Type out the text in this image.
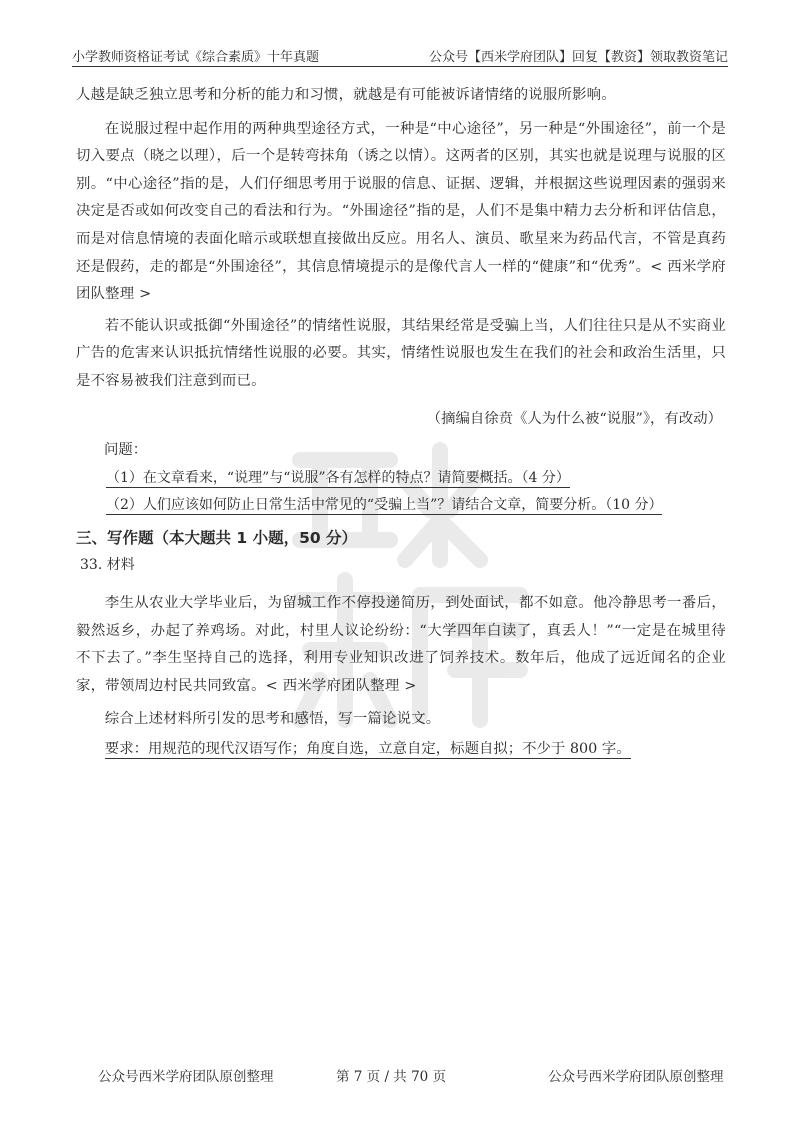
小学教师资格证考试《综合素质》十年真题	公众号【西米学府团队】回复【教资】领取教资笔记
西米学府

人越是缺乏独立思考和分析的能力和习惯，就越是有可能被诉诸情绪的说服所影响。

在说服过程中起作用的两种典型途径方式，一种是“中心途径”，另一种是“外围途径”，前一个是切入要点（晓之以理），后一个是转弯抹角（诱之以情）。这两者的区别，其实也就是说理与说服的区别。“中心途径”指的是，人们仔细思考用于说服的信息、证据、逻辑，并根据这些说理因素的强弱来决定是否或如何改变自己的看法和行为。“外围途径”指的是，人们不是集中精力去分析和评估信息，而是对信息情境的表面化暗示或联想直接做出反应。用名人、演员、歌星来为药品代言，不管是真药还是假药，走的都是“外围途径”，其信息情境提示的是像代言人一样的“健康”和“优秀”。< 西米学府团队整理 >

若不能认识或抵御“外围途径”的情绪性说服，其结果经常是受骗上当，人们往往只是从不实商业广告的危害来认识抵抗情绪性说服的必要。其实，情绪性说服也发生在我们的社会和政治生活里，只是不容易被我们注意到而已。

（摘编自徐贲《人为什么被“说服”》，有改动）
问题：
（1）在文章看来，“说理”与“说服”各有怎样的特点？请简要概括。（4 分）
（2）人们应该如何防止日常生活中常见的“受骗上当”？请结合文章，简要分析。（10 分）
三、写作题（本大题共 1 小题，50 分）
33. 材料

李生从农业大学毕业后，为留城工作不停投递简历，到处面试，都不如意。他冷静思考一番后，毅然返乡，办起了养鸡场。对此，村里人议论纷纷：“大学四年白读了，真丢人！”“一定是在城里待不下去了。”李生坚持自己的选择，利用专业知识改进了饲养技术。数年后，他成了远近闻名的企业家，带领周边村民共同致富。< 西米学府团队整理 >

综合上述材料所引发的思考和感悟，写一篇论说文。

要求：用规范的现代汉语写作；角度自选，立意自定，标题自拟；不少于 800 字。
公众号西米学府团队原创整理	第 7 页 / 共 70 页	公众号西米学府团队原创整理
